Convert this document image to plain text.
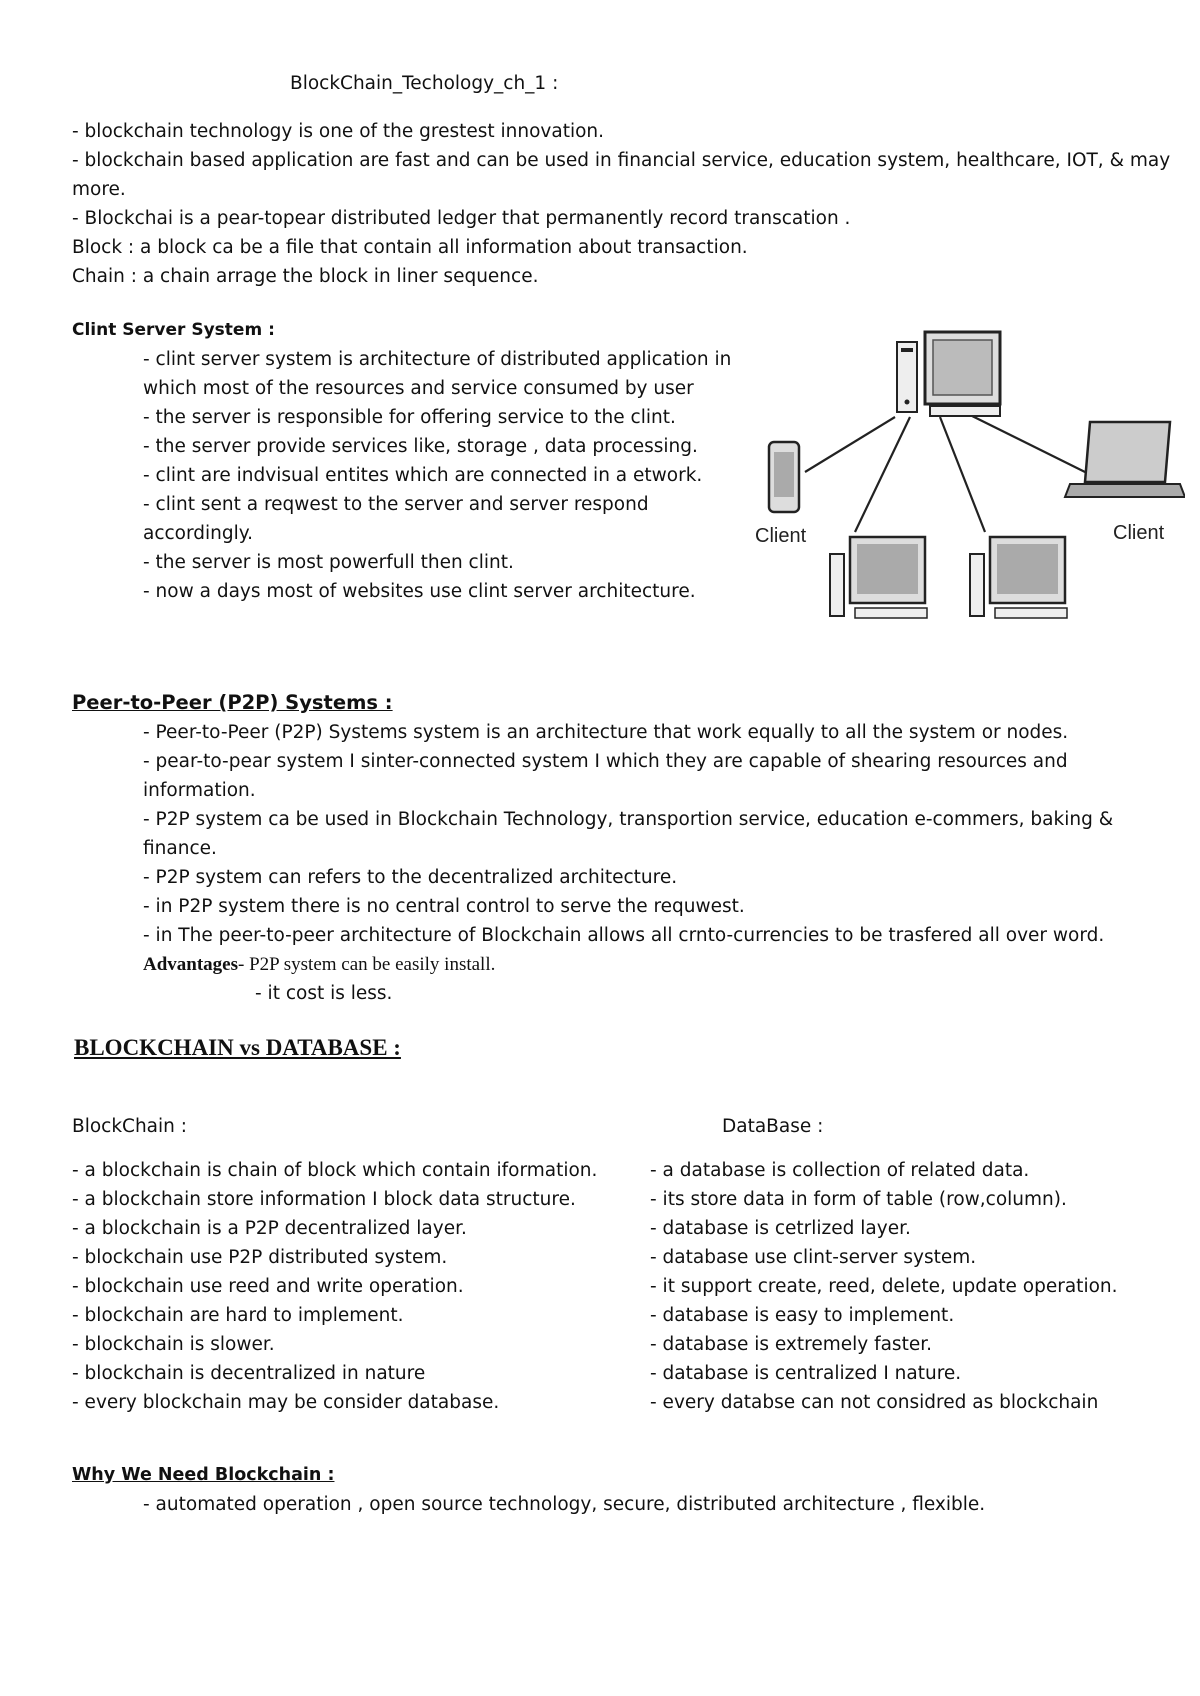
BlockChain_Techology_ch_1 :
- blockchain technology is one of the grestest innovation.
- blockchain based application are fast and can be used in financial service, education system, healthcare, IOT, & may
more.
- Blockchai is a pear-topear distributed ledger that permanently record transcation .
Block : a block ca be a file that contain all information about transaction.
Chain : a chain arrage the block in liner sequence.
Clint Server System :
- clint server system is architecture of distributed application in
which most of the resources and service consumed by user
- the server is responsible for offering service to the clint.
- the server provide services like, storage , data processing.
- clint are indvisual entites which are connected in a etwork.
- clint sent a reqwest to the server and server respond
accordingly.
- the server is most powerfull then clint.
- now a days most of websites use clint server architecture.
Client	Client
Peer-to-Peer (P2P) Systems :
- Peer-to-Peer (P2P) Systems system is an architecture that work equally to all the system or nodes.
- pear-to-pear system I sinter-connected system I which they are capable of shearing resources and
information.
- P2P system ca be used in Blockchain Technology, transportion service, education e-commers, baking &
finance.
- P2P system can refers to the decentralized architecture.
- in P2P system there is no central control to serve the requwest.
- in The peer-to-peer architecture of Blockchain allows all crnto-currencies to be trasfered all over word.
Advantages- P2P system can be easily install.
- it cost is less.
BLOCKCHAIN vs DATABASE :
BlockChain :	DataBase :
- a blockchain is chain of block which contain iformation.
- a blockchain store information I block data structure.
- a blockchain is a P2P decentralized layer.
- blockchain use P2P distributed system.
- blockchain use reed and write operation.
- blockchain are hard to implement.
- blockchain is slower.
- blockchain is decentralized in nature
- every blockchain may be consider database.
- a database is collection of related data.
- its store data in form of table (row,column).
- database is cetrlized layer.
- database use clint-server system.
- it support create, reed, delete, update operation.
- database is easy to implement.
- database is extremely faster.
- database is centralized I nature.
- every databse can not considred as blockchain
Why We Need Blockchain :
- automated operation , open source technology, secure, distributed architecture , flexible.
